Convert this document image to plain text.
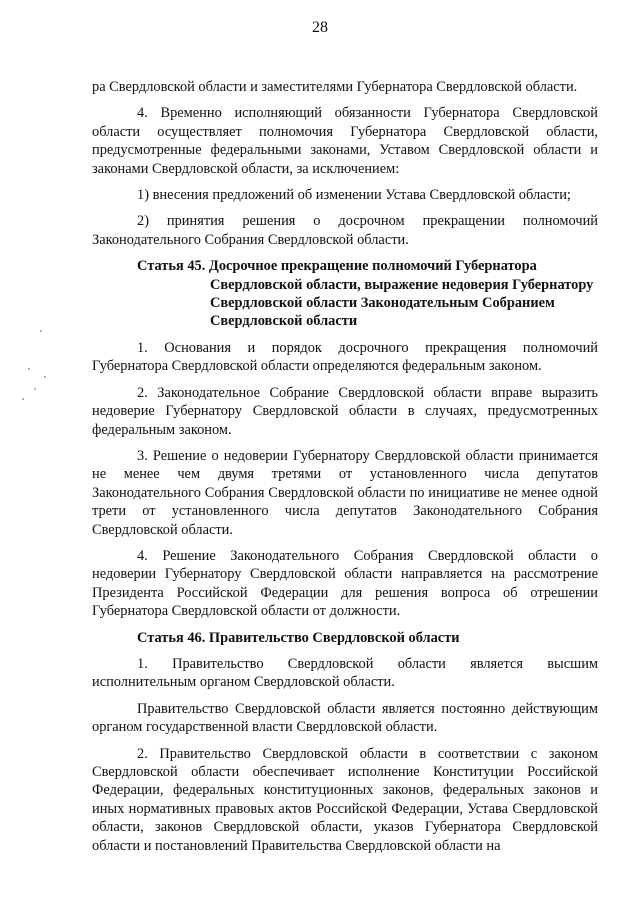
28

ра Свердловской области и заместителями Губернатора Свердловской области.

4. Временно исполняющий обязанности Губернатора Свердловской области осуществляет полномочия Губернатора Свердловской области, предусмотренные федеральными законами, Уставом Свердловской области и законами Свердловской области, за исключением:

1) внесения предложений об изменении Устава Свердловской области;

2) принятия решения о досрочном прекращении полномочий Законодательного Собрания Свердловской области.

Статья 45. Досрочное прекращение полномочий Губернатора
Свердловской области, выражение недоверия Губернатору Свердловской области Законодательным Собранием Свердловской области

1. Основания и порядок досрочного прекращения полномочий Губернатора Свердловской области определяются федеральным законом.

2. Законодательное Собрание Свердловской области вправе выразить недоверие Губернатору Свердловской области в случаях, предусмотренных федеральным законом.

3. Решение о недоверии Губернатору Свердловской области принимается не менее чем двумя третями от установленного числа депутатов Законодательного Собрания Свердловской области по инициативе не менее одной трети от установленного числа депутатов Законодательного Собрания Свердловской области.

4. Решение Законодательного Собрания Свердловской области о недоверии Губернатору Свердловской области направляется на рассмотрение Президента Российской Федерации для решения вопроса об отрешении Губернатора Свердловской области от должности.

Статья 46. Правительство Свердловской области

1. Правительство Свердловской области является высшим исполнительным органом Свердловской области.

Правительство Свердловской области является постоянно действующим органом государственной власти Свердловской области.

2. Правительство Свердловской области в соответствии с законом Свердловской области обеспечивает исполнение Конституции Российской Федерации, федеральных конституционных законов, федеральных законов и иных нормативных правовых актов Российской Федерации, Устава Свердловской области, законов Свердловской области, указов Губернатора Свердловской области и постановлений Правительства Свердловской области на
